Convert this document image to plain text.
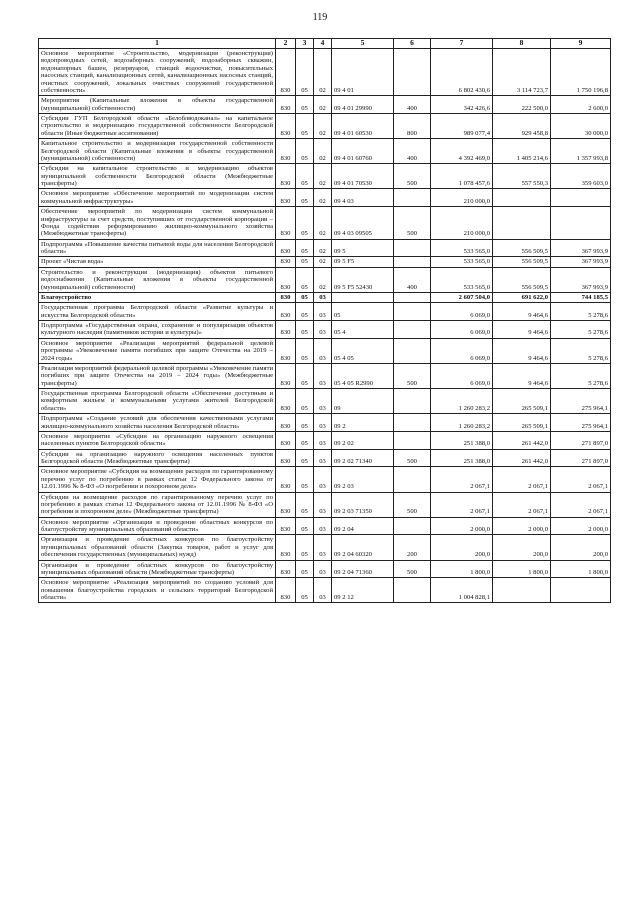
119
1	2	3	4	5	6	7	8	9
Основное мероприятие «Строительство, модернизация (реконструкция) водопроводных сетей, водозаборных сооружений, водозаборных скважин, водонапорных башен, резервуаров, станций водоочистки, повысительных насосных станций, канализационных сетей, канализационных насосных станций, очистных сооружений, локальных очистных сооружений государственной собственности»	830	05	02	09 4 01		6 802 430,6	3 114 723,7	1 750 196,8
Мероприятия (Капитальные вложения в объекты государственной (муниципальной) собственности)	830	05	02	09 4 01 29990	400	342 426,6	222 500,0	2 600,0
Субсидии ГУП Белгородской области «Белоблводоканал» на капитальное строительство и модернизацию государственной собственности Белгородской области (Иные бюджетные ассигнования)	830	05	02	09 4 01 60530	800	989 077,4	929 458,8	30 000,0
Капитальное строительство и модернизация государственной собственности Белгородской области (Капитальные вложения в объекты государственной (муниципальной) собственности)	830	05	02	09 4 01 60760	400	4 392 469,0	1 405 214,6	1 357 993,8
Субсидии на капитальное строительство и модернизацию объектов муниципальной собственности Белгородской области (Межбюджетные трансферты)	830	05	02	09 4 01 70530	500	1 078 457,6	557 550,3	359 603,0
Основное мероприятие «Обеспечение мероприятий по модернизации систем коммунальной инфраструктуры»	830	05	02	09 4 03		210 000,0		
Обеспечение мероприятий по модернизации систем коммунальной инфраструктуры за счет средств, поступивших от государственной корпорации – Фонда содействия реформированию жилищно-коммунального хозяйства (Межбюджетные трансферты)	830	05	02	09 4 03 09505	500	210 000,0		
Подпрограмма «Повышение качества питьевой воды для населения Белгородской области»	830	05	02	09 5		533 565,0	556 509,5	367 993,9
Проект «Чистая вода»	830	05	02	09 5 F5		533 565,0	556 509,5	367 993,9
Строительство и реконструкция (модернизация) объектов питьевого водоснабжения (Капитальные вложения в объекты государственной (муниципальной) собственности)	830	05	02	09 5 F5 52430	400	533 565,0	556 509,5	367 993,9
Благоустройство	830	05	03			2 607 504,0	691 622,0	744 185,5
Государственная программа Белгородской области «Развитие культуры и искусства Белгородской области»	830	05	03	05		6 069,0	9 464,6	5 278,6
Подпрограмма «Государственная охрана, сохранение и популяризация объектов культурного наследия (памятников истории и культуры)»	830	05	03	05 4		6 069,0	9 464,6	5 278,6
Основное мероприятие «Реализация мероприятий федеральной целевой программы «Увековечение памяти погибших при защите Отечества на 2019 – 2024 годы»	830	05	03	05 4 05		6 069,0	9 464,6	5 278,6
Реализация мероприятий федеральной целевой программы «Увековечение памяти погибших при защите Отечества на 2019 – 2024 годы» (Межбюджетные трансферты)	830	05	03	05 4 05 R2990	500	6 069,0	9 464,6	5 278,6
Государственная программа Белгородской области «Обеспечение доступным и комфортным жильем и коммунальными услугами жителей Белгородской области»	830	05	03	09		1 260 283,2	265 509,1	275 964,1
Подпрограмма «Создание условий для обеспечения качественными услугами жилищно-коммунального хозяйства населения Белгородской области»	830	05	03	09 2		1 260 283,2	265 509,1	275 964,1
Основное мероприятие «Субсидии на организацию наружного освещения населенных пунктов Белгородской области»	830	05	03	09 2 02		251 388,0	261 442,0	271 897,0
Субсидии на организацию наружного освещения населенных пунктов Белгородской области (Межбюджетные трансферты)	830	05	03	09 2 02 71340	500	251 388,0	261 442,0	271 897,0
Основное мероприятие «Субсидия на возмещение расходов по гарантированному перечню услуг по погребению в рамках статьи 12 Федерального закона от 12.01.1996 № 8-ФЗ «О погребении и похоронном деле»	830	05	03	09 2 03		2 067,1	2 067,1	2 067,1
Субсидии на возмещение расходов по гарантированному перечню услуг по погребению в рамках статьи 12 Федерального закона от 12.01.1996 № 8-ФЗ «О погребении и похоронном деле» (Межбюджетные трансферты)	830	05	03	09 2 03 71350	500	2 067,1	2 067,1	2 067,1
Основное мероприятие «Организация и проведение областных конкурсов по благоустройству муниципальных образований области»	830	05	03	09 2 04		2 000,0	2 000,0	2 000,0
Организация и проведение областных конкурсов по благоустройству муниципальных образований области (Закупка товаров, работ и услуг для обеспечения государственных (муниципальных) нужд)	830	05	03	09 2 04 60320	200	200,0	200,0	200,0
Организация и проведение областных конкурсов по благоустройству муниципальных образований области (Межбюджетные трансферты)	830	05	03	09 2 04 71360	500	1 800,0	1 800,0	1 800,0
Основное мероприятие «Реализация мероприятий по созданию условий для повышения благоустройства городских и сельских территорий Белгородской области»	830	05	03	09 2 12		1 004 828,1		
